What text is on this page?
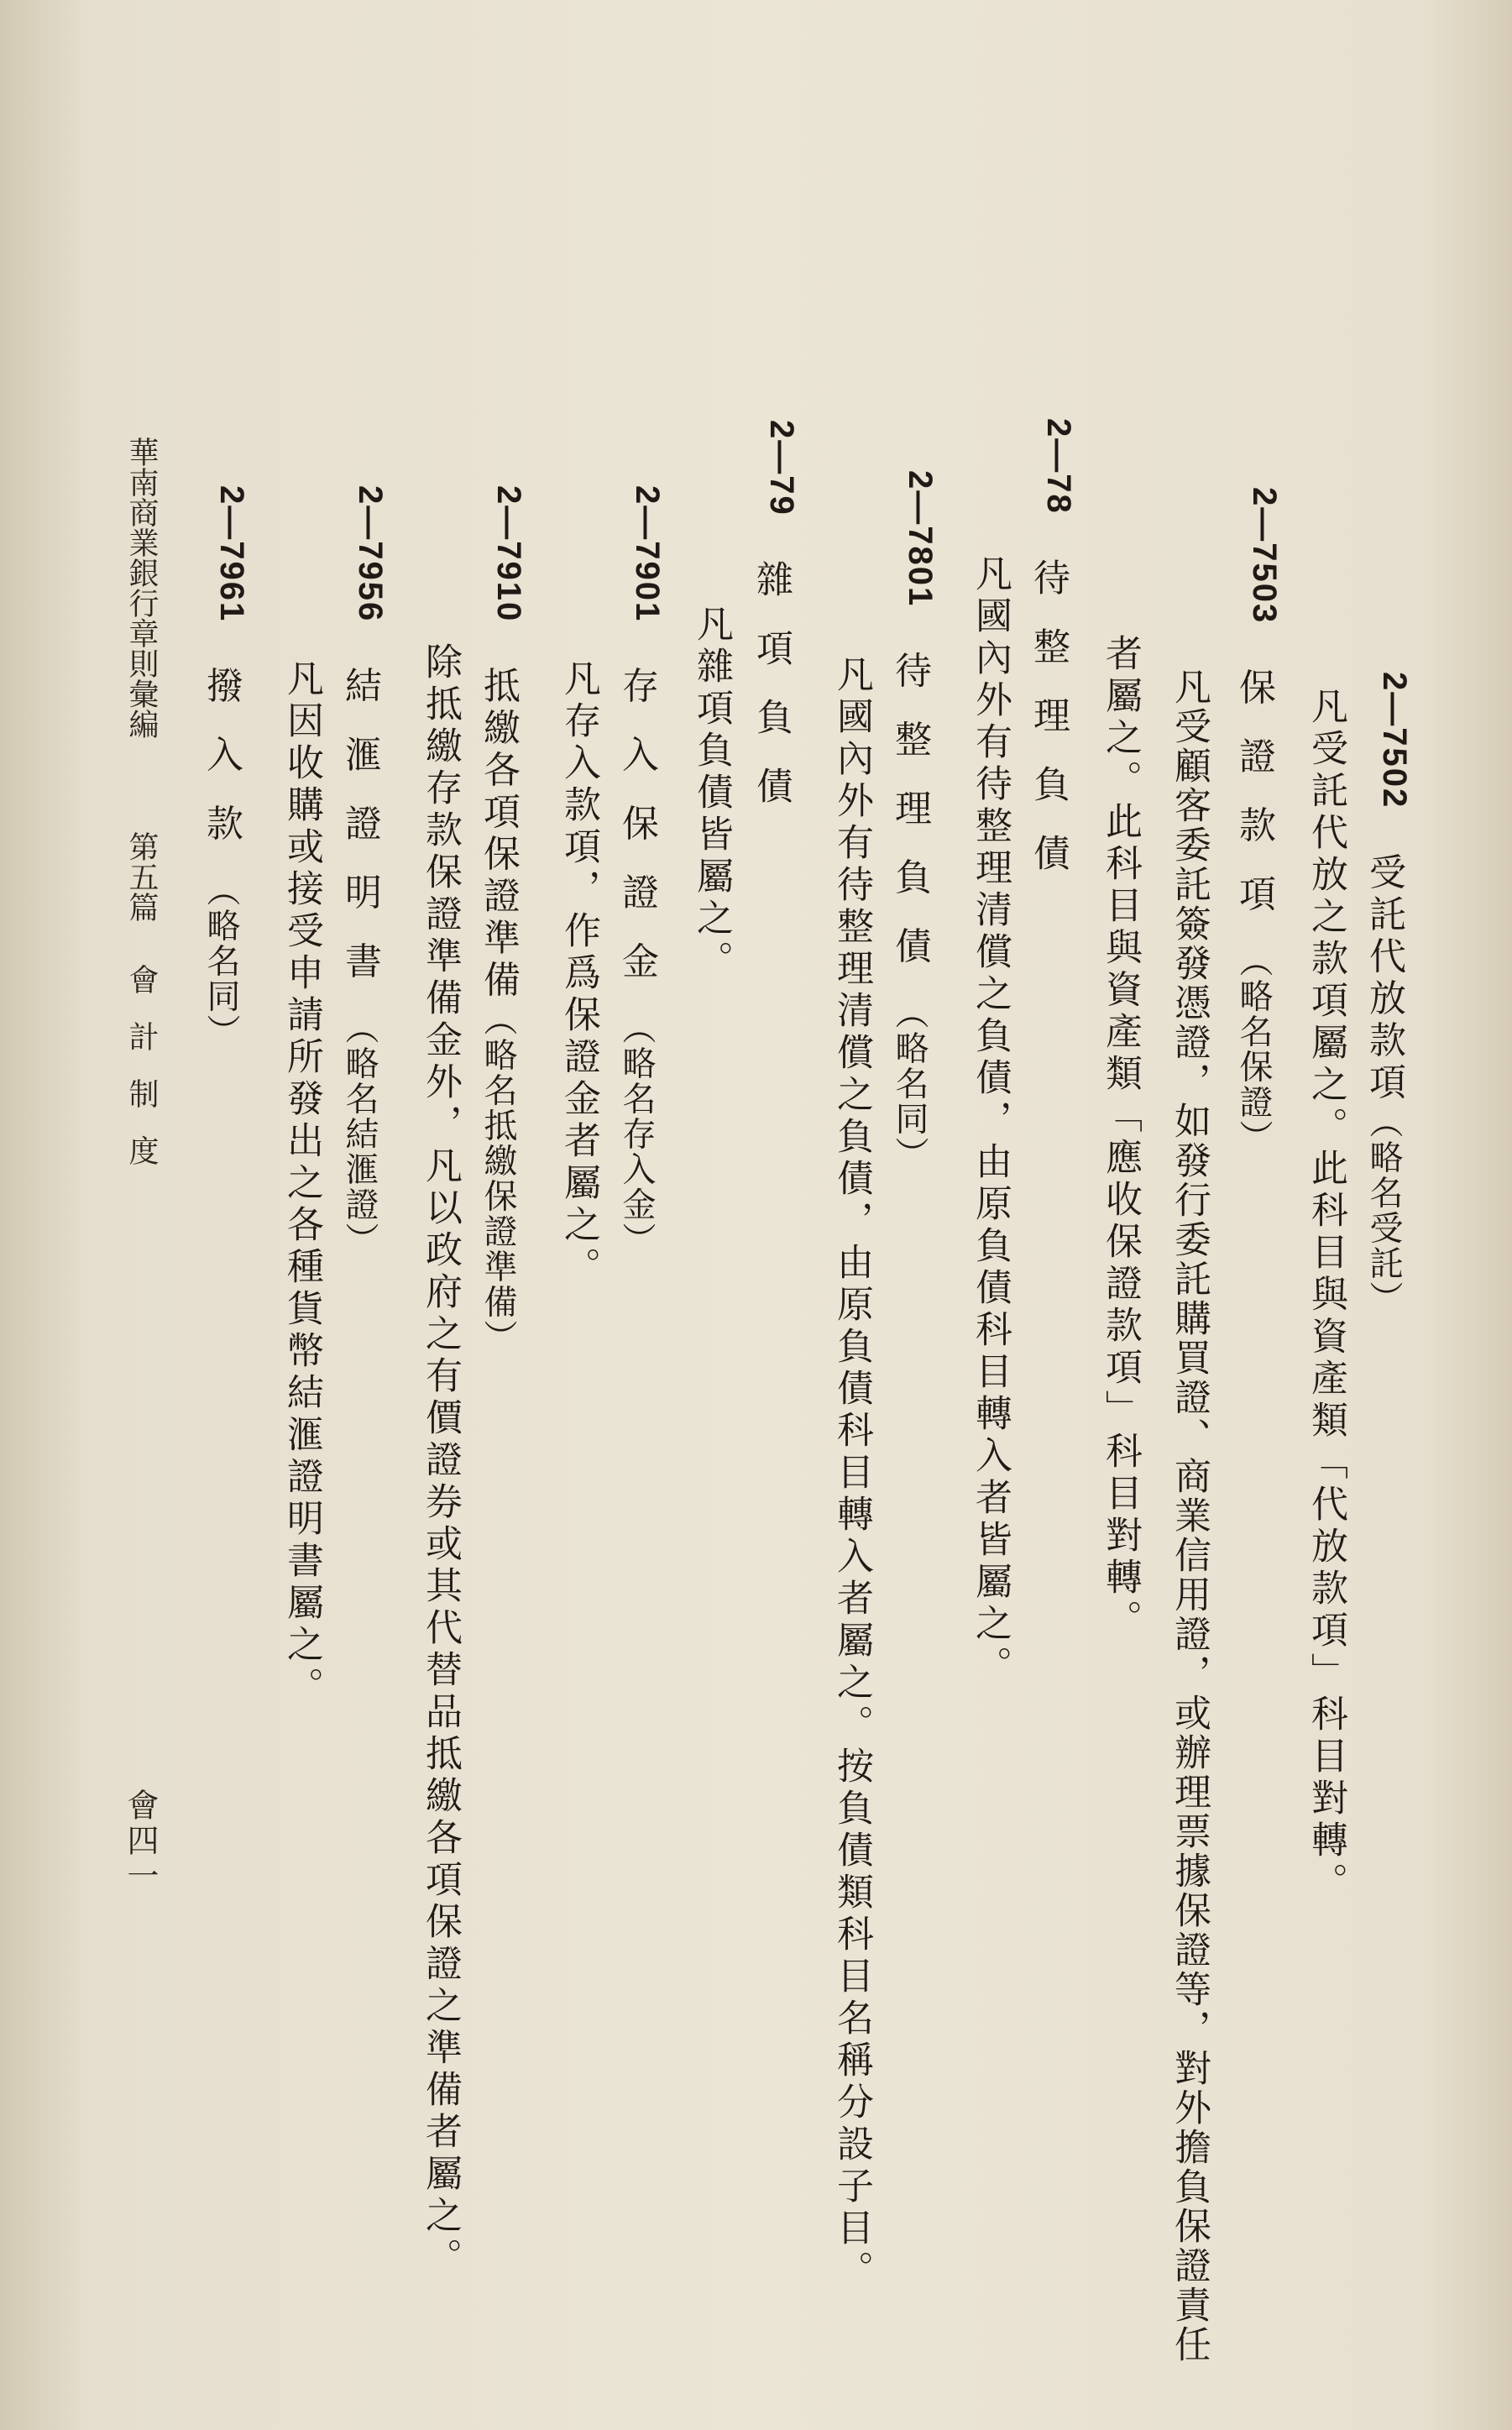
2—7502受託代放款項（略名受託）
凡受託代放之款項屬之。此科目與資產類「代放款項」科目對轉。
2—7503保證款項（略名保證）
凡受顧客委託簽發憑證，如發行委託購買證、商業信用證，或辦理票據保證等，對外擔負保證責任
者屬之。此科目與資產類「應收保證款項」科目對轉。
2—78待整理負債
凡國內外有待整理清償之負債，由原負債科目轉入者皆屬之。
2—7801待整理負債（略名同）
凡國內外有待整理清償之負債，由原負債科目轉入者屬之。按負債類科目名稱分設子目。
2—79雜項負債
凡雜項負債皆屬之。
2—7901存入保證金（略名存入金）
凡存入款項，作爲保證金者屬之。
2—7910抵繳各項保證準備（略名抵繳保證準備）
除抵繳存款保證準備金外，凡以政府之有價證券或其代替品抵繳各項保證之準備者屬之。
2—7956結滙證明書（略名結滙證）
凡因收購或接受申請所發出之各種貨幣結滙證明書屬之。
2—7961撥入款（略名同）
華南商業銀行章則彙編第五篇會計制度
會四一
